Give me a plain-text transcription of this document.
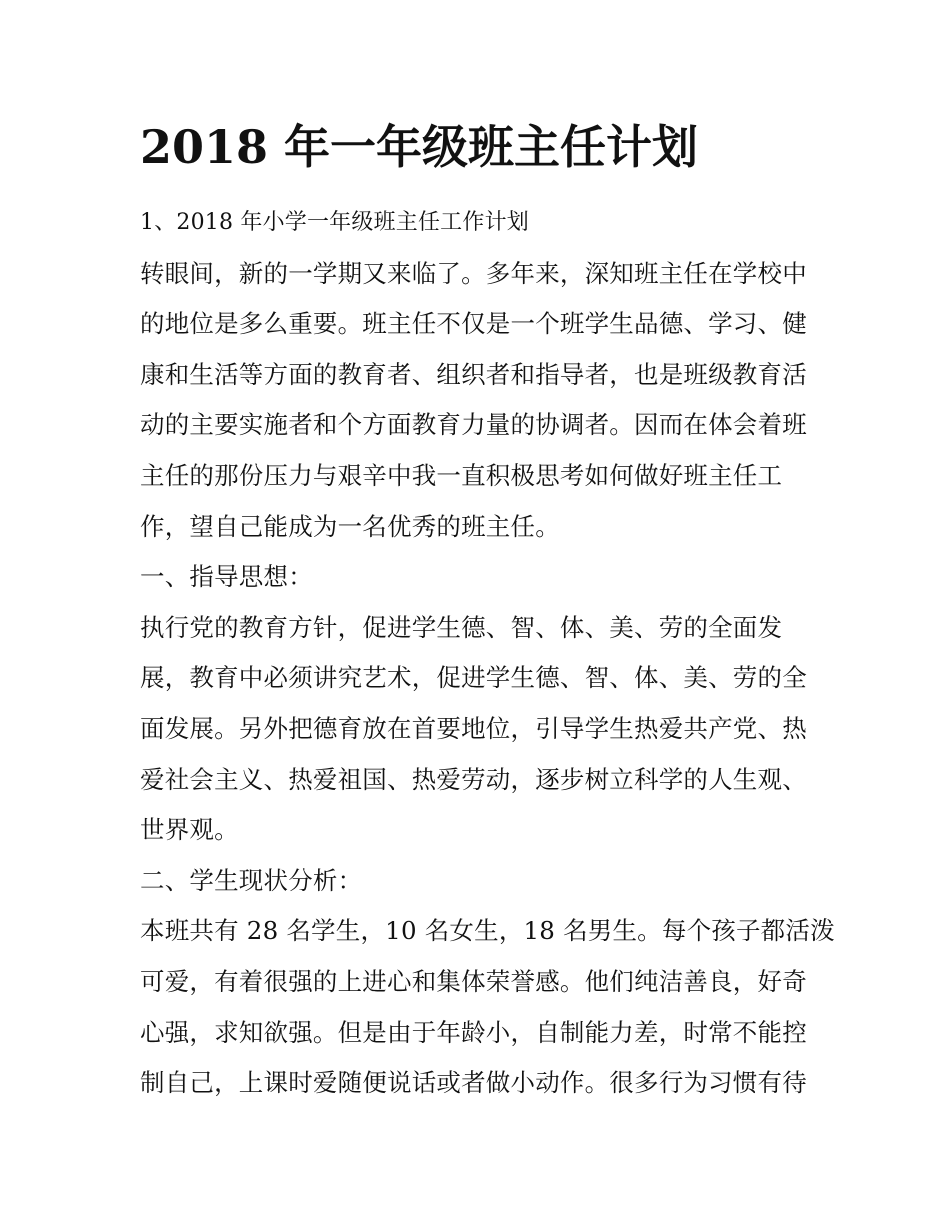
2018 年一年级班主任计划
1、2018 年小学一年级班主任工作计划
转眼间，新的一学期又来临了。多年来，深知班主任在学校中
的地位是多么重要。班主任不仅是一个班学生品德、学习、健
康和生活等方面的教育者、组织者和指导者，也是班级教育活
动的主要实施者和个方面教育力量的协调者。因而在体会着班
主任的那份压力与艰辛中我一直积极思考如何做好班主任工
作，望自己能成为一名优秀的班主任。
一、指导思想：
执行党的教育方针，促进学生德、智、体、美、劳的全面发
展，教育中必须讲究艺术，促进学生德、智、体、美、劳的全
面发展。另外把德育放在首要地位，引导学生热爱共产党、热
爱社会主义、热爱祖国、热爱劳动，逐步树立科学的人生观、
世界观。
二、学生现状分析：
本班共有 28 名学生，10 名女生，18 名男生。每个孩子都活泼
可爱，有着很强的上进心和集体荣誉感。他们纯洁善良，好奇
心强，求知欲强。但是由于年龄小，自制能力差，时常不能控
制自己，上课时爱随便说话或者做小动作。很多行为习惯有待
